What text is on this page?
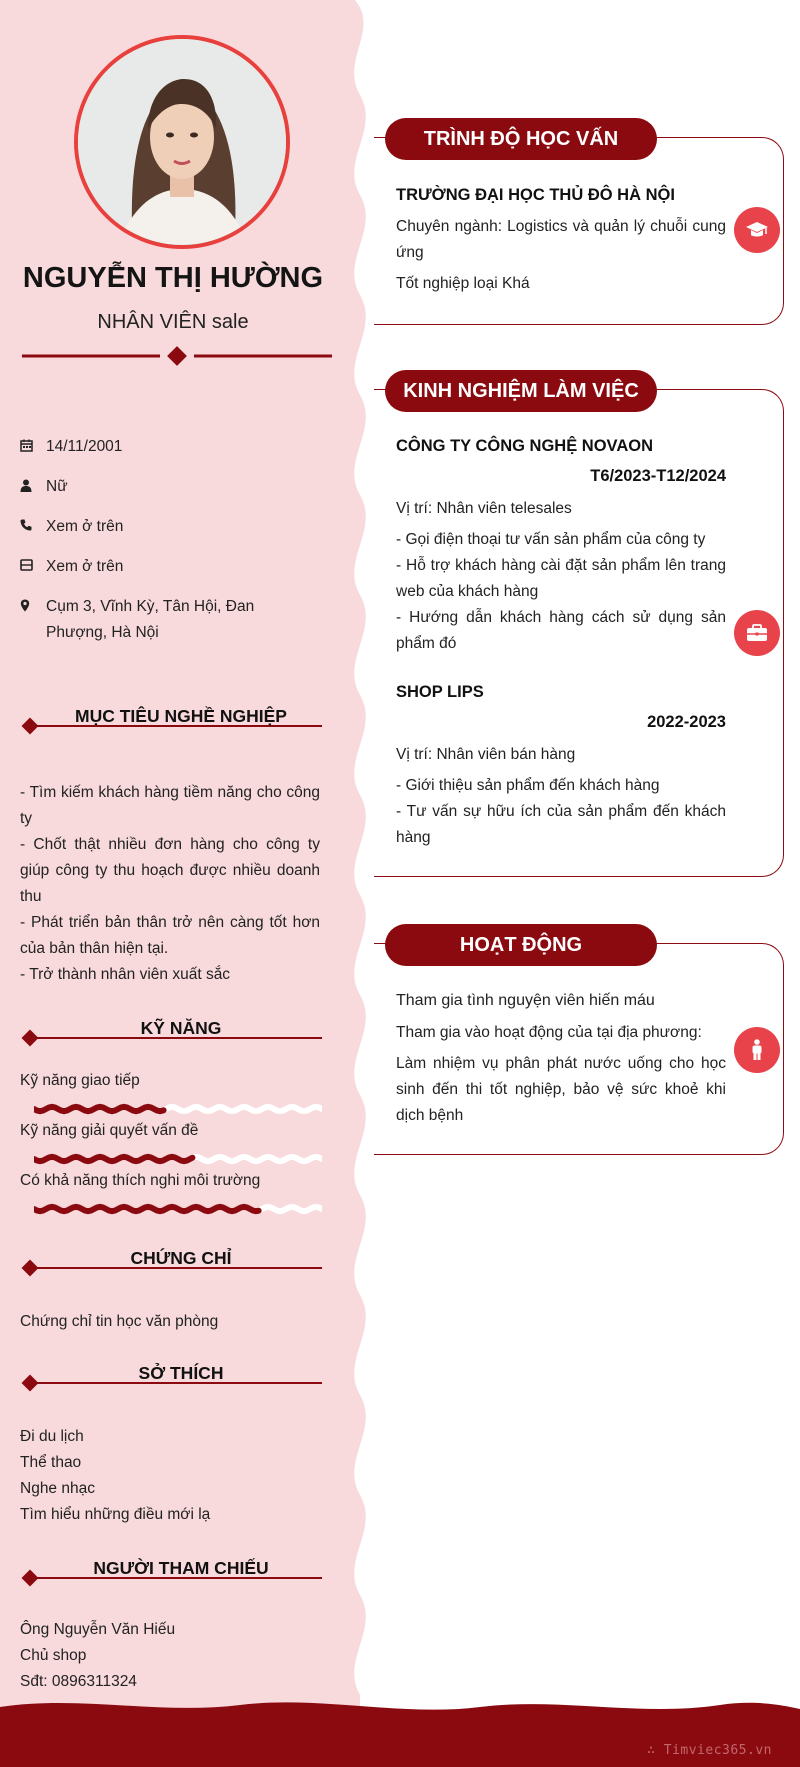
NGUYỄN THỊ HƯỜNG
NHÂN VIÊN sale
14/11/2001
Nữ
Xem ở trên
Xem ở trên
Cụm 3, Vĩnh Kỳ, Tân Hội, Đan
Phượng, Hà Nội
MỤC TIÊU NGHỀ NGHIỆP
- Tìm kiếm khách hàng tiềm năng cho công ty
- Chốt thật nhiều đơn hàng cho công ty giúp công ty thu hoạch được nhiều doanh thu
- Phát triển bản thân trở nên càng tốt hơn của bản thân hiện tại.
- Trở thành nhân viên xuất sắc
KỸ NĂNG
Kỹ năng giao tiếp
Kỹ năng giải quyết vấn đề
Có khả năng thích nghi môi trường
CHỨNG CHỈ
Chứng chỉ tin học văn phòng
SỞ THÍCH
Đi du lịch
Thể thao
Nghe nhạc
Tìm hiểu những điều mới lạ
NGƯỜI THAM CHIẾU
Ông Nguyễn Văn Hiếu
Chủ shop
Sđt: 0896311324
TRÌNH ĐỘ HỌC VẤN
TRƯỜNG ĐẠI HỌC THỦ ĐÔ HÀ NỘI
Chuyên ngành: Logistics và quản lý chuỗi cung ứng
Tốt nghiệp loại Khá
KINH NGHIỆM LÀM VIỆC
CÔNG TY CÔNG NGHỆ NOVAON
T6/2023-T12/2024
Vị trí: Nhân viên telesales
- Gọi điện thoại tư vấn sản phẩm của công ty
- Hỗ trợ khách hàng cài đặt sản phẩm lên trang web của khách hàng
- Hướng dẫn khách hàng cách sử dụng sản phẩm đó
SHOP LIPS
2022-2023
Vị trí: Nhân viên bán hàng
- Giới thiệu sản phẩm đến khách hàng
- Tư vấn sự hữu ích của sản phẩm đến khách hàng
HOẠT ĐỘNG
Tham gia tình nguyện viên hiến máu
Tham gia vào hoạt động của tại địa phương:
Làm nhiệm vụ phân phát nước uống cho học sinh đến thi tốt nghiệp, bảo vệ sức khoẻ khi dịch bệnh
∴ Timviec365.vn
